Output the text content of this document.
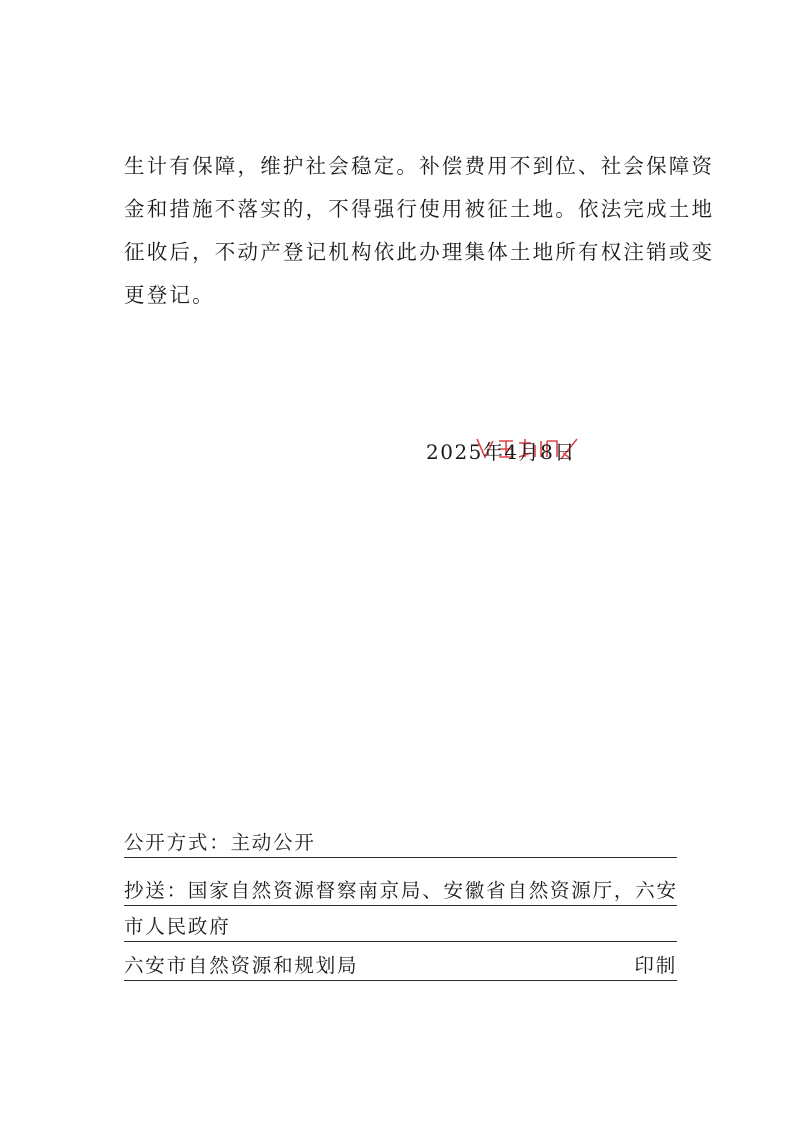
生计有保障，维护社会稳定。补偿费用不到位、社会保障资
金和措施不落实的，不得强行使用被征土地。依法完成土地
征收后，不动产登记机构依此办理集体土地所有权注销或变
更登记。
2025年4月8日
公开方式：主动公开
抄送：国家自然资源督察南京局、安徽省自然资源厅，六安
市人民政府
六安市自然资源和规划局	印制
